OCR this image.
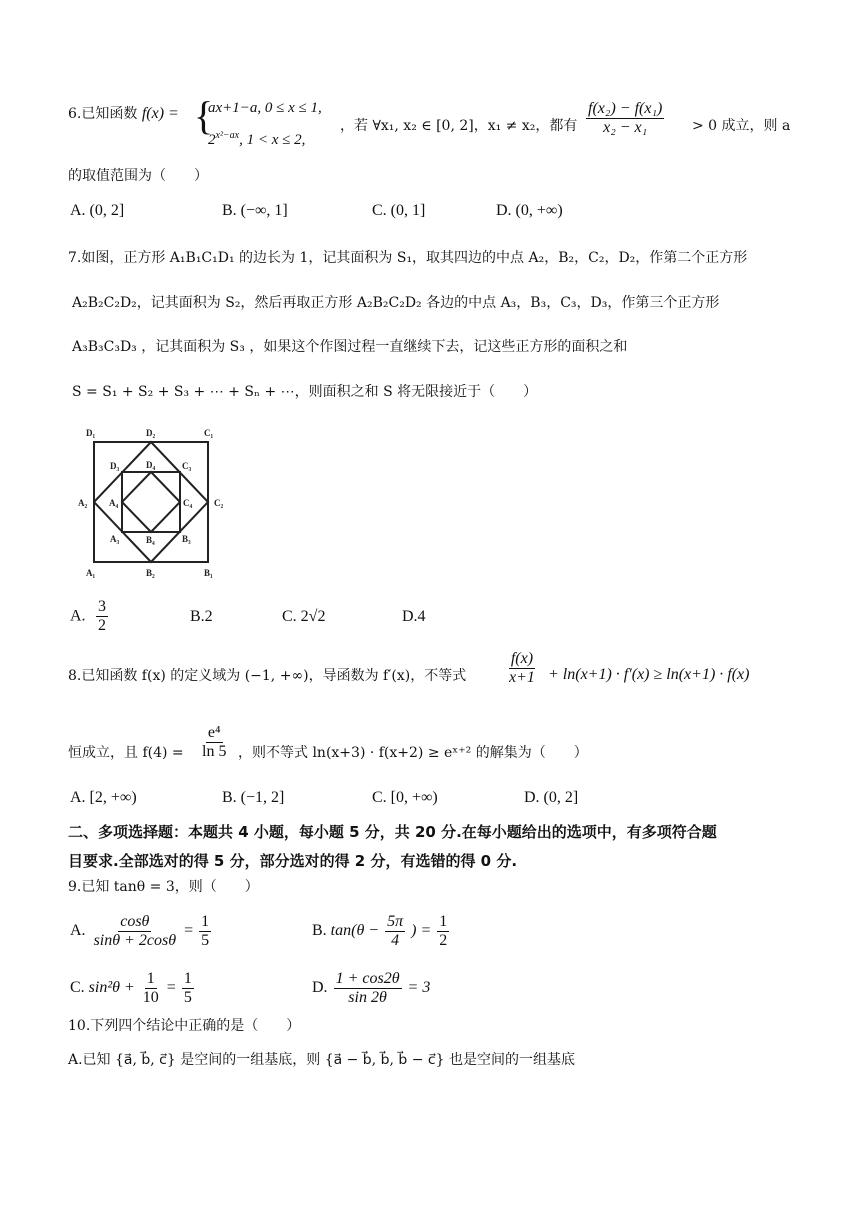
6.已知函数 f(x) = {
ax+1−a, 0 ≤ x ≤ 1,
$2^{x^2-ax}$, 1 < x ≤ 2,
，若 ∀x₁, x₂ ∈ [0, 2]，x₁ ≠ x₂，都有 $\frac{\text{f(x₂) − f(x₁)}}{\text{x₂ − x₁}} > 0$ 成立，则 a
的取值范围为（　　）
A. (0, 2]	B. (−∞, 1]	C. (0, 1]	D. (0, +∞)
7.如图，正方形 A₁B₁C₁D₁ 的边长为 1，记其面积为 S₁，取其四边的中点 A₂，B₂，C₂，D₂，作第二个正方形
A₂B₂C₂D₂，记其面积为 S₂，然后再取正方形 A₂B₂C₂D₂ 各边的中点 A₃，B₃，C₃，D₃，作第三个正方形
A₃B₃C₃D₃ ，记其面积为 S₃ ，如果这个作图过程一直继续下去，记这些正方形的面积之和
S = S₁ + S₂ + S₃ + ⋯ + Sₙ + ⋯，则面积之和 S 将无限接近于（　　）
D₁	D₂	C₁
D₃	D₄	C₃
A₂ A₄	C₄ C₂
A₃	B₄	B₃
A₁	B₂	B₁
A. $\frac{3}{2}$	B.2	C. 2√2	D.4
8.已知函数 f(x) 的定义域为 (−1, +∞)，导函数为 f′(x)，不等式	$\frac{f(x)}{x+1} + \ln(x+1) \cdot f'(x) \ge \ln(x+1) \cdot f(x)$
恒成立，且 $f(4) = \frac{\text{e⁴}}{\ln 5}$ ，则不等式 ln(x+3) · f(x+2) ≥ eˣ⁺² 的解集为（　　）
A. [2, +∞)	B. (−1, 2]	C. [0, +∞)	D. (0, 2]
二、多项选择题：本题共 4 小题，每小题 5 分，共 20 分.在每小题给出的选项中，有多项符合题
目要求.全部选对的得 5 分，部分选对的得 2 分，有选错的得 0 分.
9.已知 tanθ = 3，则（　　）
A. $\frac{\cos\theta}{\sin\theta + 2\cos\theta} = \frac{1}{5}$	B. $\tan(\theta - \frac{5\pi}{4}$ ) = $\frac{1}{2}$
C. $\sin^2\theta + \frac{1}{10} = \frac{1}{5}$	D. $\frac{1 + \cos 2\theta}{\sin 2\theta} = 3$
10.下列四个结论中正确的是（　　）
A.已知 {a⃗, b⃗, c⃗} 是空间的一组基底，则 {a⃗ − b⃗, b⃗, b⃗ − c⃗} 也是空间的一组基底
